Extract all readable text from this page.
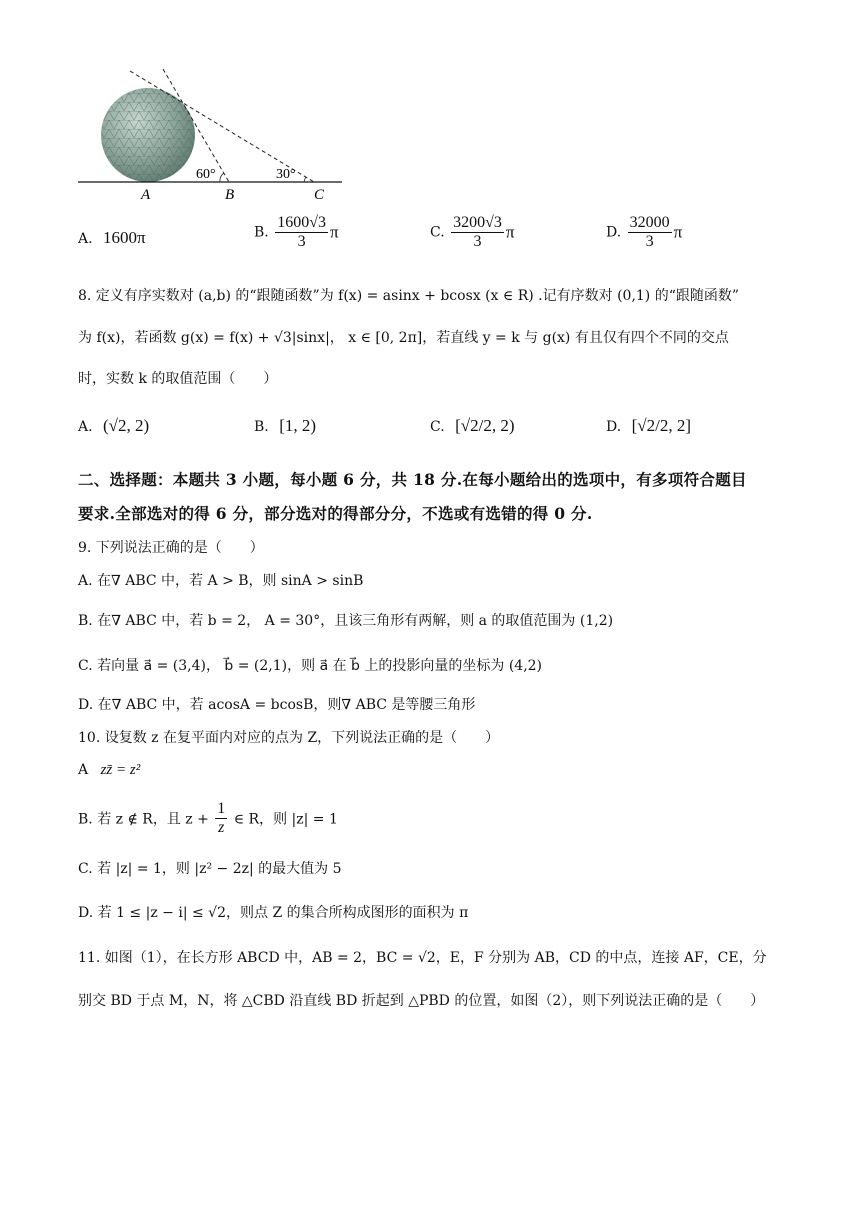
60°	30°
A	B	C
A. 1600π	B. $\frac{1600√3}{3}$ π	C. $\frac{3200√3}{3}$ π	D. $\frac{32000}{3}$ π
8. 定义有序实数对 (a,b) 的“跟随函数”为 f(x) = asinx + bcosx (x ∈ R) .记有序数对 (0,1) 的“跟随函数”
为 f(x)，若函数 g(x) = f(x) + √3|sinx|， x ∈ [0, 2π]，若直线 y = k 与 g(x) 有且仅有四个不同的交点
时，实数 k 的取值范围（　　）
A. (√2, 2)	B. [1, 2)	C. [√2/2, 2)	D. [√2/2, 2]
二、选择题：本题共 3 小题，每小题 6 分，共 18 分.在每小题给出的选项中，有多项符合题目
要求.全部选对的得 6 分，部分选对的得部分分，不选或有选错的得 0 分.
9. 下列说法正确的是（　　）
A. 在∇ ABC 中，若 A > B，则 sinA > sinB
B. 在∇ ABC 中，若 b = 2， A = 30°，且该三角形有两解，则 a 的取值范围为 (1,2)
C. 若向量 a⃗ = (3,4)， b⃗ = (2,1)，则 a⃗ 在 b⃗ 上的投影向量的坐标为 (4,2)
D. 在∇ ABC 中，若 acosA = bcosB，则∇ ABC 是等腰三角形
10. 设复数 z 在复平面内对应的点为 Z，下列说法正确的是（　　）
A zz̄ = z²
B. 若 z ∉ R，且 $z + \frac{1}{z}$ ∈ R，则 |z| = 1
C. 若 |z| = 1，则 |z² − 2z| 的最大值为 5
D. 若 1 ≤ |z − i| ≤ √2，则点 Z 的集合所构成图形的面积为 π
11. 如图（1），在长方形 ABCD 中，AB = 2，BC = √2，E，F 分别为 AB，CD 的中点，连接 AF，CE，分
别交 BD 于点 M，N，将 △CBD 沿直线 BD 折起到 △PBD 的位置，如图（2），则下列说法正确的是（　　）
